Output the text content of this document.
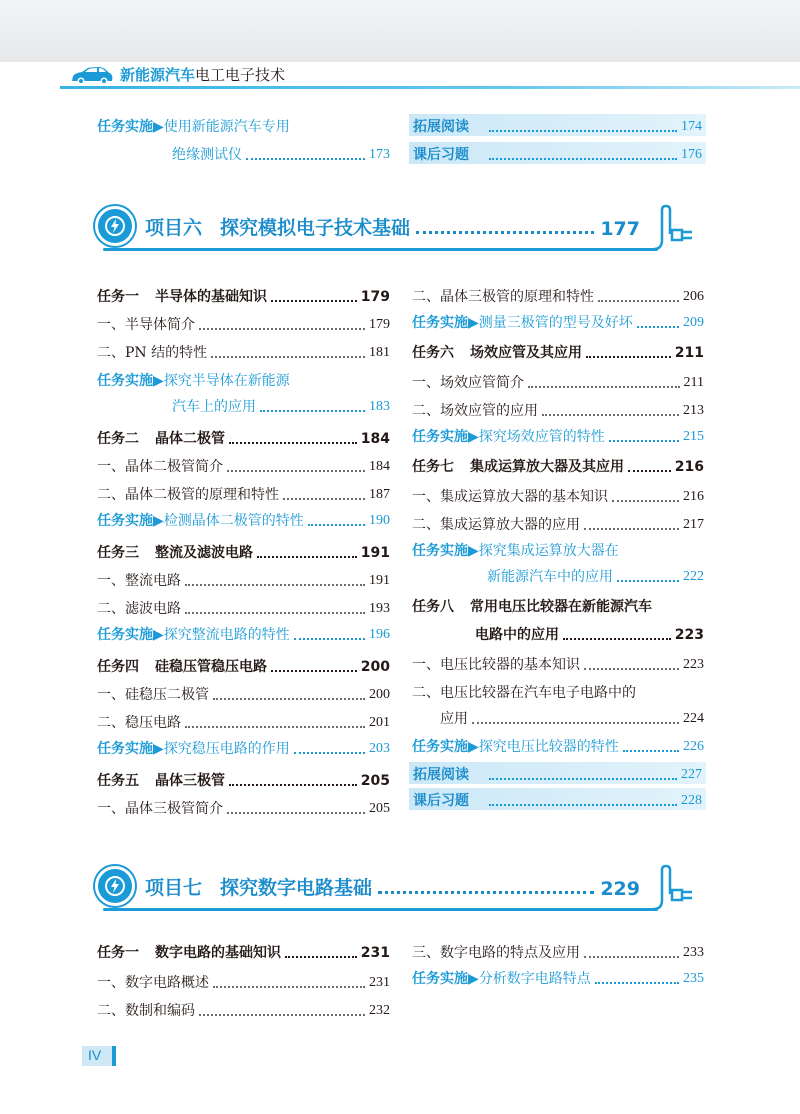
新能源汽车电工电子技术
任务实施▶使用新能源汽车专用
绝缘测试仪	173
拓展阅读	174
课后习题	176
项目六 探究模拟电子技术基础	177
任务一 半导体的基础知识	179
一、半导体简介	179
二、PN 结的特性	181
任务实施▶探究半导体在新能源
汽车上的应用	183
任务二 晶体二极管	184
一、晶体二极管简介	184
二、晶体二极管的原理和特性	187
任务实施▶检测晶体二极管的特性	190
任务三 整流及滤波电路	191
一、整流电路	191
二、滤波电路	193
任务实施▶探究整流电路的特性	196
任务四 硅稳压管稳压电路	200
一、硅稳压二极管	200
二、稳压电路	201
任务实施▶探究稳压电路的作用	203
任务五 晶体三极管	205
一、晶体三极管简介	205
二、晶体三极管的原理和特性	206
任务实施▶测量三极管的型号及好坏	209
任务六 场效应管及其应用	211
一、场效应管简介	211
二、场效应管的应用	213
任务实施▶探究场效应管的特性	215
任务七 集成运算放大器及其应用	216
一、集成运算放大器的基本知识	216
二、集成运算放大器的应用	217
任务实施▶探究集成运算放大器在
新能源汽车中的应用	222
任务八 常用电压比较器在新能源汽车
电路中的应用	223
一、电压比较器的基本知识	223
二、电压比较器在汽车电子电路中的
应用	224
任务实施▶探究电压比较器的特性	226
拓展阅读	227
课后习题	228
项目七 探究数字电路基础	229
任务一 数字电路的基础知识	231
一、数字电路概述	231
二、数制和编码	232
三、数字电路的特点及应用	233
任务实施▶分析数字电路特点	235
IV
